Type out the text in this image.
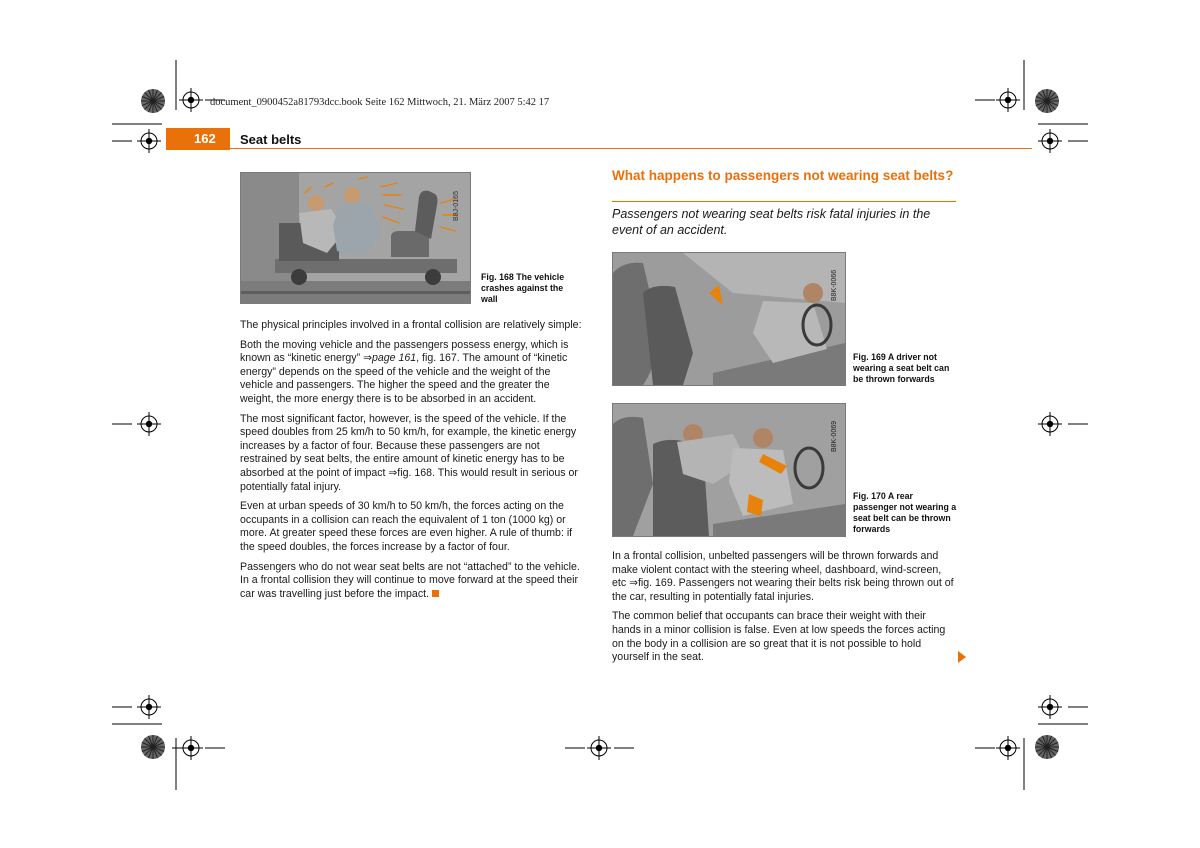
document_0900452a81793dcc.book Seite 162 Mittwoch, 21. März 2007 5:42 17
162	Seat belts
B8J-0165
Fig. 168 The vehicle crashes against the wall

The physical principles involved in a frontal collision are relatively simple:

Both the moving vehicle and the passengers possess energy, which is known as “kinetic energy” ⇒ page 161, fig. 167. The amount of “kinetic energy” depends on the speed of the vehicle and the weight of the vehicle and passengers. The higher the speed and the greater the weight, the more energy there is to be absorbed in an accident.

The most significant factor, however, is the speed of the vehicle. If the speed doubles from 25 km/h to 50 km/h, for example, the kinetic energy increases by a factor of four. Because these passengers are not restrained by seat belts, the entire amount of kinetic energy has to be absorbed at the point of impact ⇒ fig. 168. This would result in serious or potentially fatal injury.

Even at urban speeds of 30 km/h to 50 km/h, the forces acting on the occupants in a collision can reach the equivalent of 1 ton (1000 kg) or more. At greater speed these forces are even higher. A rule of thumb: if the speed doubles, the forces increase by a factor of four.

Passengers who do not wear seat belts are not “attached” to the vehicle. In a frontal collision they will continue to move forward at the speed their car was travelling just before the impact.

What happens to passengers not wearing seat belts?
Passengers not wearing seat belts risk fatal injuries in the event of an accident.
B8K-0066
Fig. 169 A driver not wearing a seat belt can be thrown forwards
B8K-0069
Fig. 170 A rear passenger not wearing a seat belt can be thrown forwards

In a frontal collision, unbelted passengers will be thrown forwards and make violent contact with the steering wheel, dashboard, wind-screen, etc ⇒ fig. 169. Passengers not wearing their belts risk being thrown out of the car, resulting in potentially fatal injuries.

The common belief that occupants can brace their weight with their hands in a minor collision is false. Even at low speeds the forces acting on the body in a collision are so great that it is not possible to hold yourself in the seat.
